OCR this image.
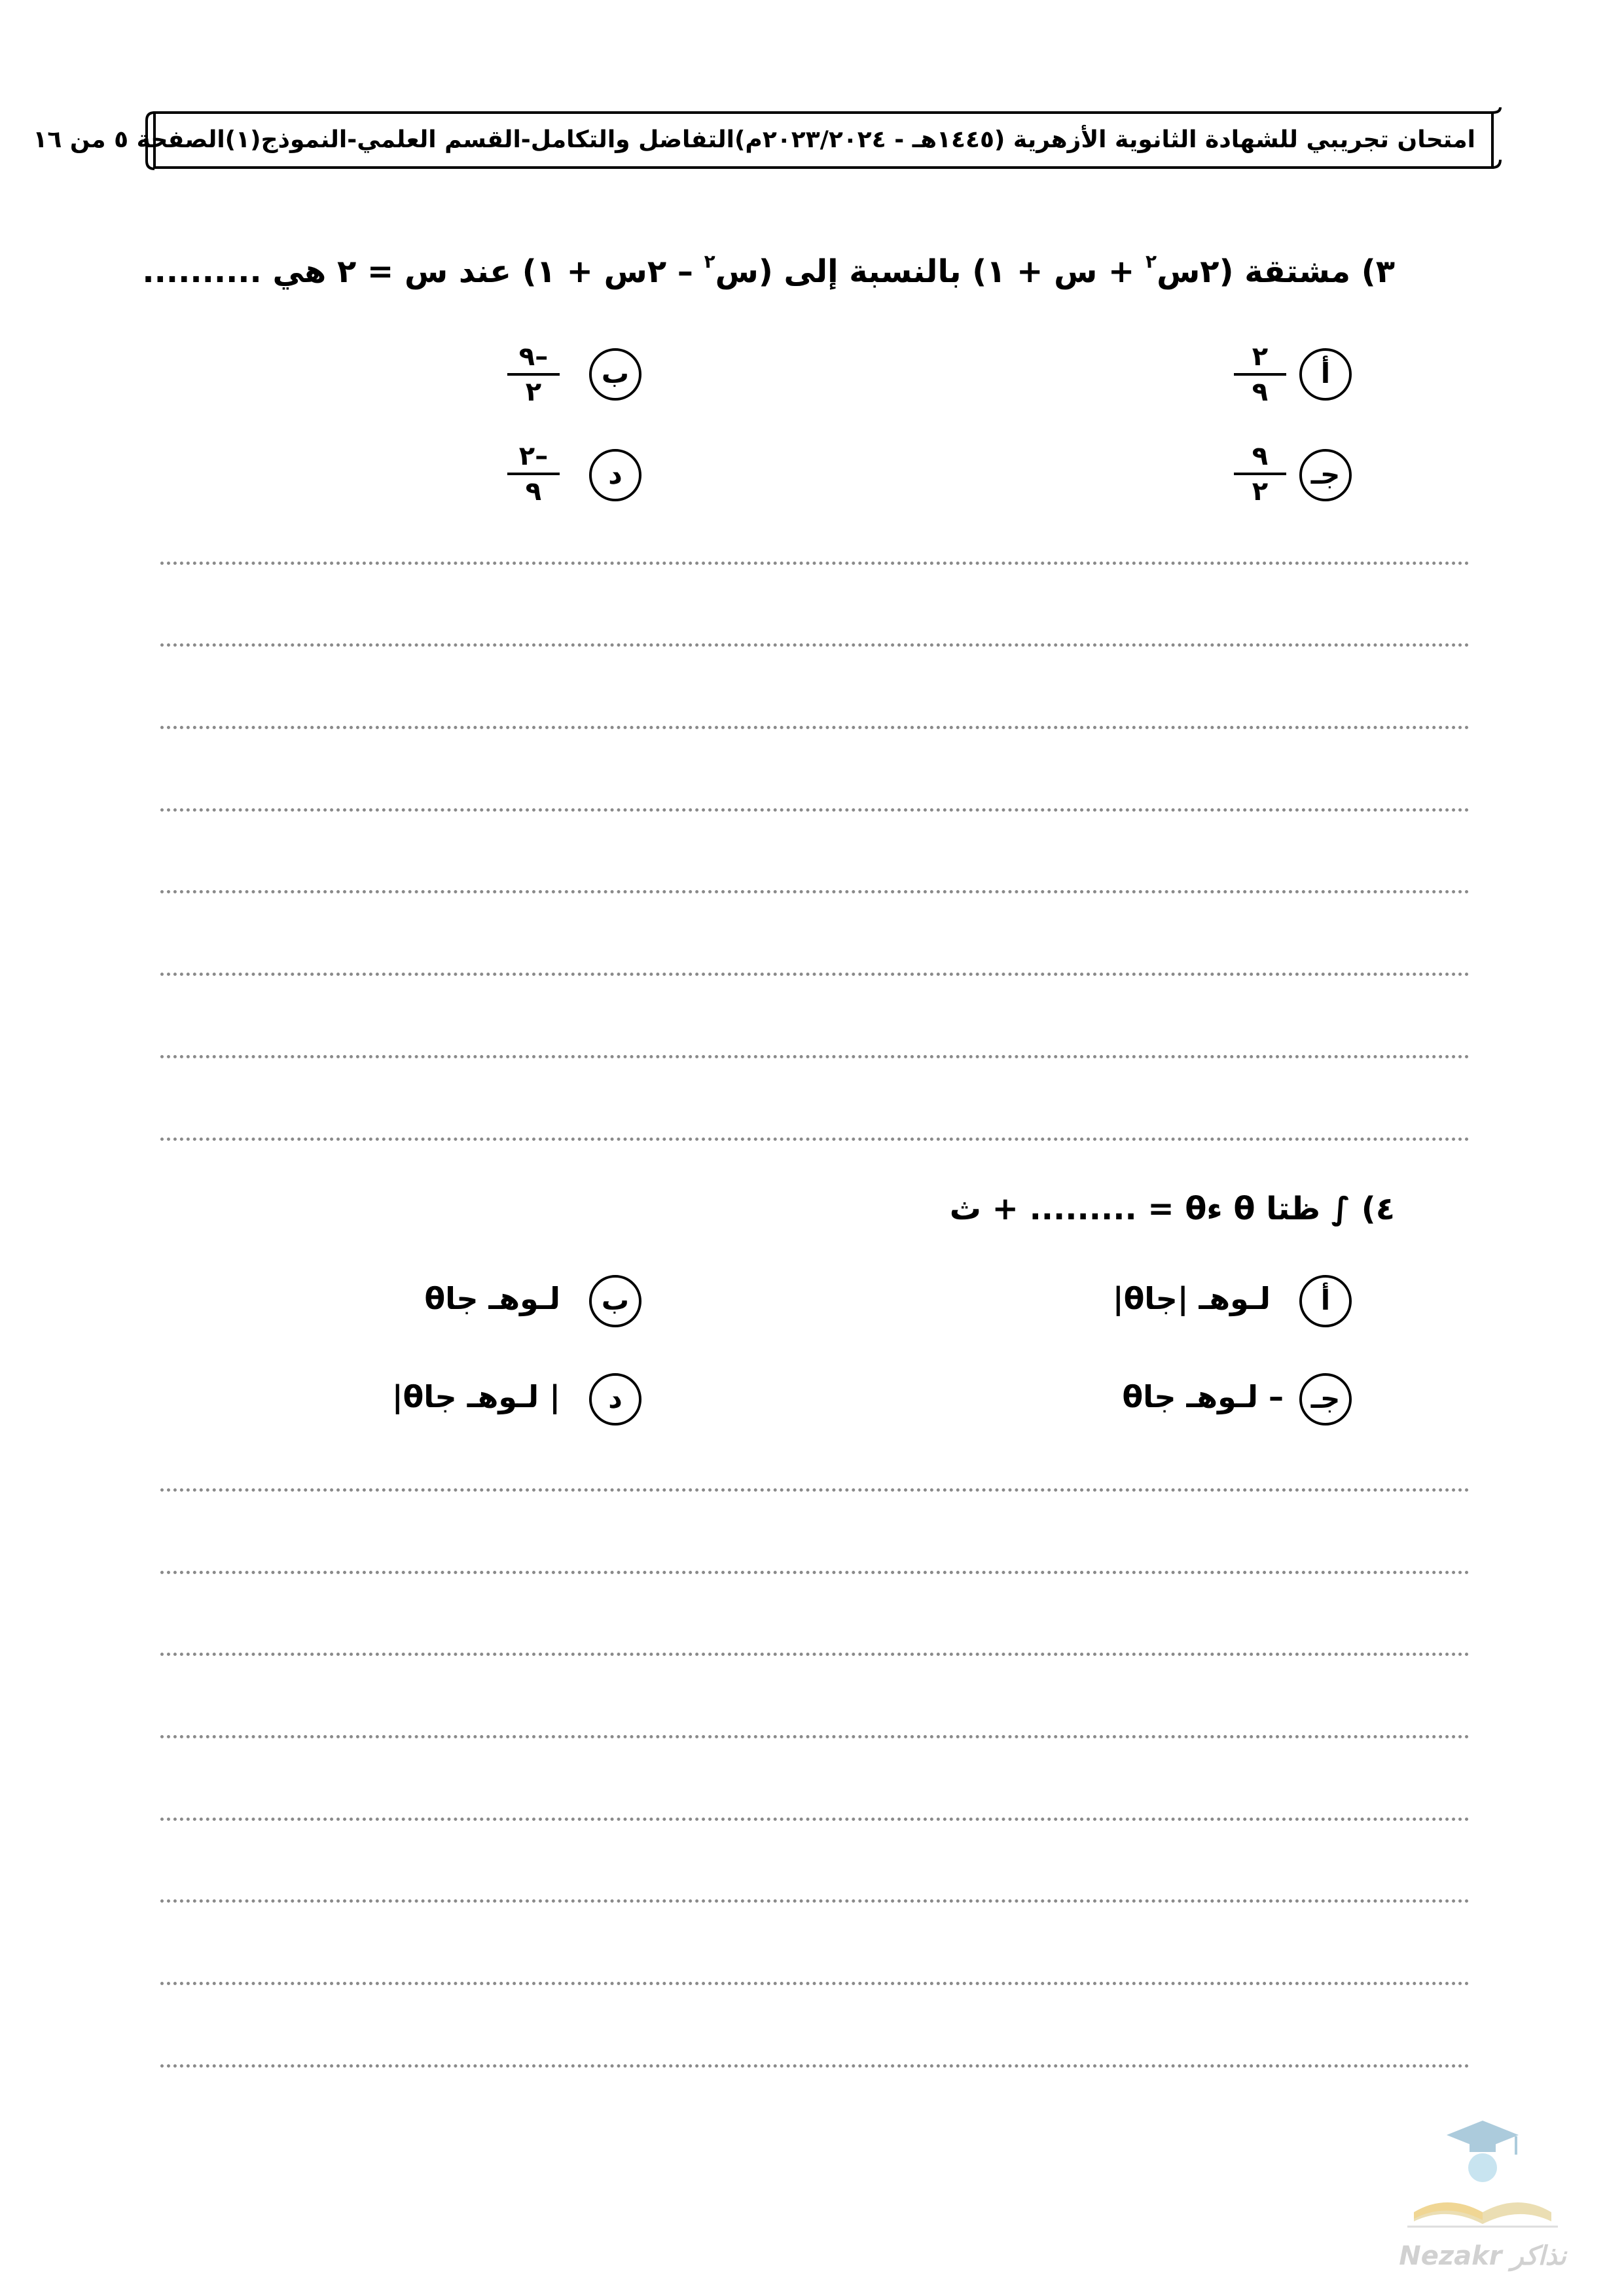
امتحان تجريبي للشهادة الثانوية الأزهرية (١٤٤٥هـ - ٢٠٢٣/٢٠٢٤م)التفاضل والتكامل-القسم العلمي-النموذج(١)الصفحة ٥ من ١٦
٣) مشتقة (٢س$^٢$ + س + ١) بالنسبة إلى (س$^٢$ – ٢س + ١) عند س = ٢ هي ..........
أ
٢
٩
ب
٩–
٢
جـ
٩
٢
د
٢–
٩
٤) ∫ ظتا θ ءθ = ......... + ث
أ
لـوهـ |جاθ|
ب
لـوهـ جاθ
جـ
– لـوهـ جاθ
د
| لـوهـ جاθ|
Nezakr نذاكر
